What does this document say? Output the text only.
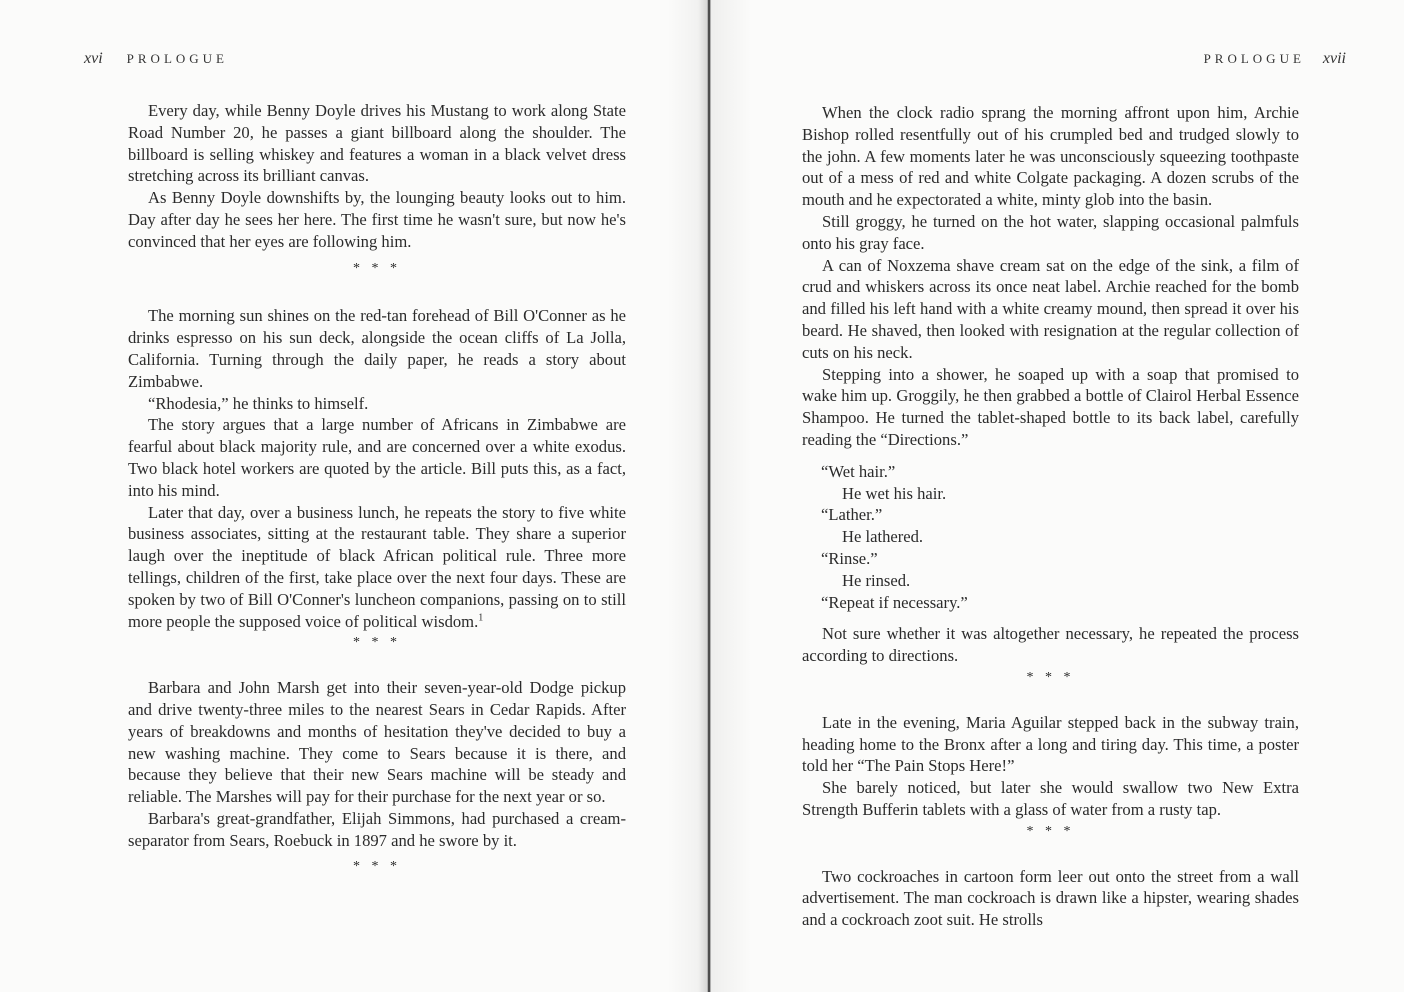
xvi PROLOGUE

Every day, while Benny Doyle drives his Mustang to work along State Road Number 20, he passes a giant billboard along the shoulder. The billboard is selling whiskey and features a woman in a black velvet dress stretching across its brilliant canvas.

As Benny Doyle downshifts by, the lounging beauty looks out to him. Day after day he sees her here. The first time he wasn't sure, but now he's convinced that her eyes are following him.

* * *

The morning sun shines on the red-tan forehead of Bill O'Conner as he drinks espresso on his sun deck, alongside the ocean cliffs of La Jolla, California. Turning through the daily paper, he reads a story about Zimbabwe.

“Rhodesia,” he thinks to himself.

The story argues that a large number of Africans in Zimbabwe are fearful about black majority rule, and are concerned over a white exodus. Two black hotel workers are quoted by the article. Bill puts this, as a fact, into his mind.

Later that day, over a business lunch, he repeats the story to five white business associates, sitting at the restaurant table. They share a superior laugh over the ineptitude of black African political rule. Three more tellings, children of the first, take place over the next four days. These are spoken by two of Bill O'Conner's luncheon companions, passing on to still more people the supposed voice of political wisdom.$^1$

* * *

Barbara and John Marsh get into their seven-year-old Dodge pickup and drive twenty-three miles to the nearest Sears in Cedar Rapids. After years of breakdowns and months of hesitation they've decided to buy a new washing machine. They come to Sears because it is there, and because they believe that their new Sears machine will be steady and reliable. The Marshes will pay for their purchase for the next year or so.

Barbara's great-grandfather, Elijah Simmons, had purchased a cream-separator from Sears, Roebuck in 1897 and he swore by it.

* * *
PROLOGUE xvii

When the clock radio sprang the morning affront upon him, Archie Bishop rolled resentfully out of his crumpled bed and trudged slowly to the john. A few moments later he was unconsciously squeezing toothpaste out of a mess of red and white Colgate packaging. A dozen scrubs of the mouth and he expectorated a white, minty glob into the basin.

Still groggy, he turned on the hot water, slapping occasional palmfuls onto his gray face.

A can of Noxzema shave cream sat on the edge of the sink, a film of crud and whiskers across its once neat label. Archie reached for the bomb and filled his left hand with a white creamy mound, then spread it over his beard. He shaved, then looked with resignation at the regular collection of cuts on his neck.

Stepping into a shower, he soaped up with a soap that promised to wake him up. Groggily, he then grabbed a bottle of Clairol Herbal Essence Shampoo. He turned the tablet-shaped bottle to its back label, carefully reading the “Directions.”

“Wet hair.”

He wet his hair.

“Lather.”

He lathered.

“Rinse.”

He rinsed.

“Repeat if necessary.”

Not sure whether it was altogether necessary, he repeated the process according to directions.

* * *

Late in the evening, Maria Aguilar stepped back in the subway train, heading home to the Bronx after a long and tiring day. This time, a poster told her “The Pain Stops Here!”

She barely noticed, but later she would swallow two New Extra Strength Bufferin tablets with a glass of water from a rusty tap.

* * *

Two cockroaches in cartoon form leer out onto the street from a wall advertisement. The man cockroach is drawn like a hipster, wearing shades and a cockroach zoot suit. He strolls
